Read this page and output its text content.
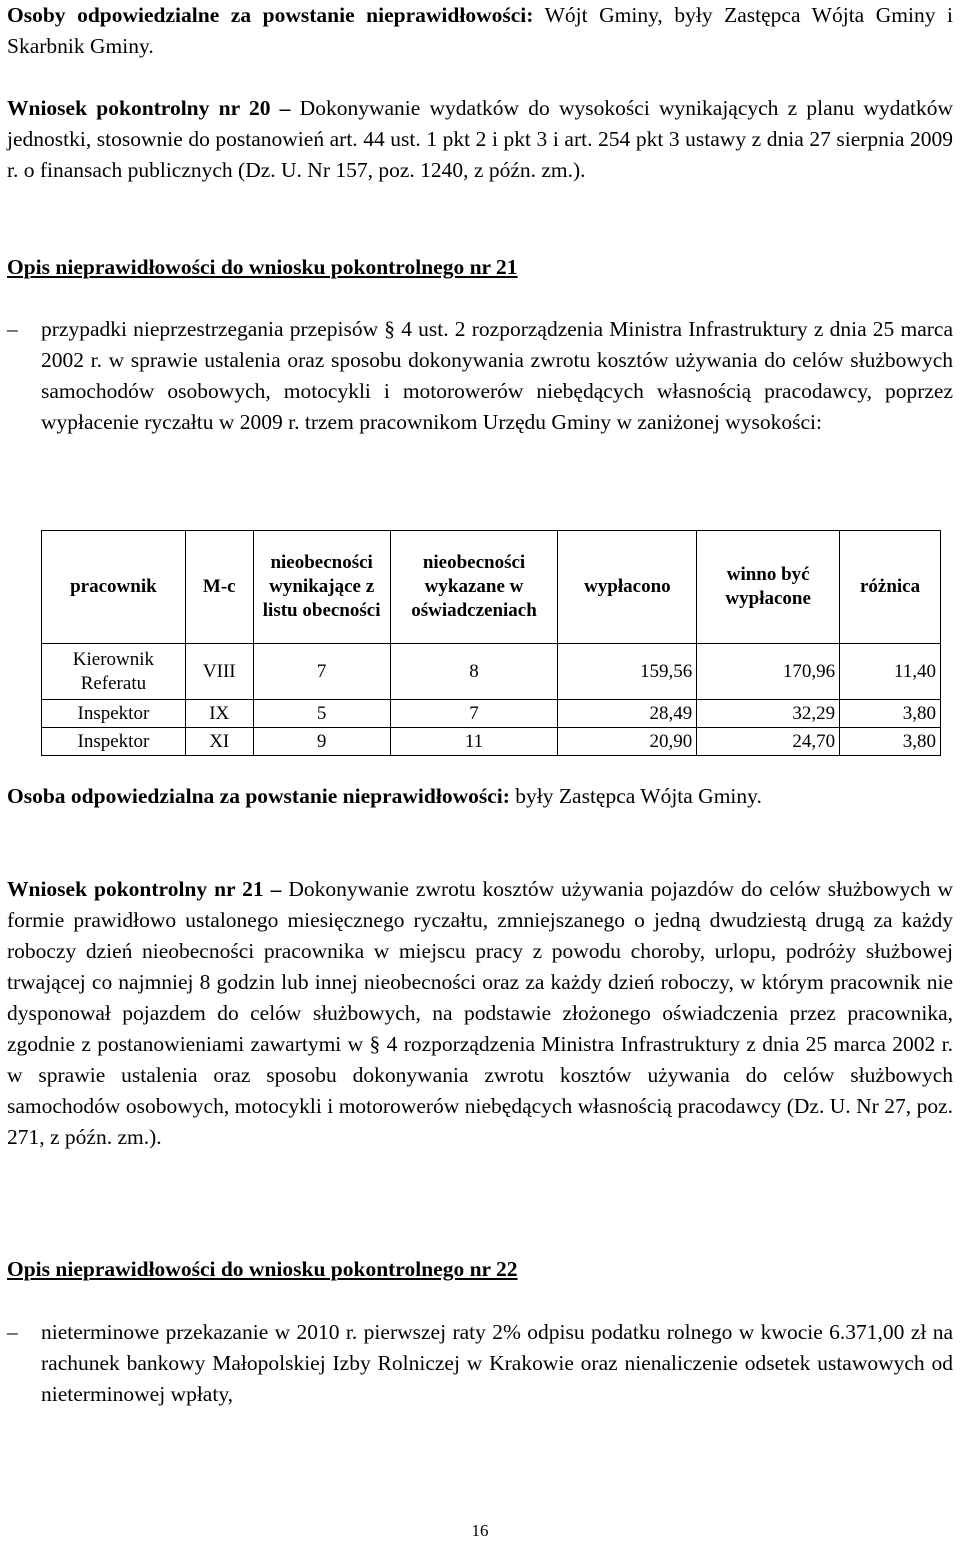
Osoby odpowiedzialne za powstanie nieprawidłowości: Wójt Gminy, były Zastępca Wójta Gminy i Skarbnik Gminy.

Wniosek pokontrolny nr 20 – Dokonywanie wydatków do wysokości wynikających z planu wydatków jednostki, stosownie do postanowień art. 44 ust. 1 pkt 2 i pkt 3 i art. 254 pkt 3 ustawy z dnia 27 sierpnia 2009 r. o finansach publicznych (Dz. U. Nr 157, poz. 1240, z późn. zm.).

Opis nieprawidłowości do wniosku pokontrolnego nr 21

–	przypadki nieprzestrzegania przepisów § 4 ust. 2 rozporządzenia Ministra Infrastruktury z dnia 25 marca 2002 r. w sprawie ustalenia oraz sposobu dokonywania zwrotu kosztów używania do celów służbowych samochodów osobowych, motocykli i motorowerów niebędących własnością pracodawcy, poprzez wypłacenie ryczałtu w 2009 r. trzem pracownikom Urzędu Gminy w zaniżonej wysokości:

Osoba odpowiedzialna za powstanie nieprawidłowości: były Zastępca Wójta Gminy.

Wniosek pokontrolny nr 21 – Dokonywanie zwrotu kosztów używania pojazdów do celów służbowych w formie prawidłowo ustalonego miesięcznego ryczałtu, zmniejszanego o jedną dwudziestą drugą za każdy roboczy dzień nieobecności pracownika w miejscu pracy z powodu choroby, urlopu, podróży służbowej trwającej co najmniej 8 godzin lub innej nieobecności oraz za każdy dzień roboczy, w którym pracownik nie dysponował pojazdem do celów służbowych, na podstawie złożonego oświadczenia przez pracownika, zgodnie z postanowieniami zawartymi w § 4 rozporządzenia Ministra Infrastruktury z dnia 25 marca 2002 r. w sprawie ustalenia oraz sposobu dokonywania zwrotu kosztów używania do celów służbowych samochodów osobowych, motocykli i motorowerów niebędących własnością pracodawcy (Dz. U. Nr 27, poz. 271, z późn. zm.).

Opis nieprawidłowości do wniosku pokontrolnego nr 22

–	nieterminowe przekazanie w 2010 r. pierwszej raty 2% odpisu podatku rolnego w kwocie 6.371,00 zł na rachunek bankowy Małopolskiej Izby Rolniczej w Krakowie oraz nienaliczenie odsetek ustawowych od nieterminowej wpłaty,

pracownik	M-c	nieobecności wynikające z listu obecności	nieobecności wykazane w oświadczeniach	wypłacono	winno być wypłacone	różnica
Kierownik Referatu	VIII	7	8	159,56	170,96	11,40
Inspektor	IX	5	7	28,49	32,29	3,80
Inspektor	XI	9	11	20,90	24,70	3,80
16
